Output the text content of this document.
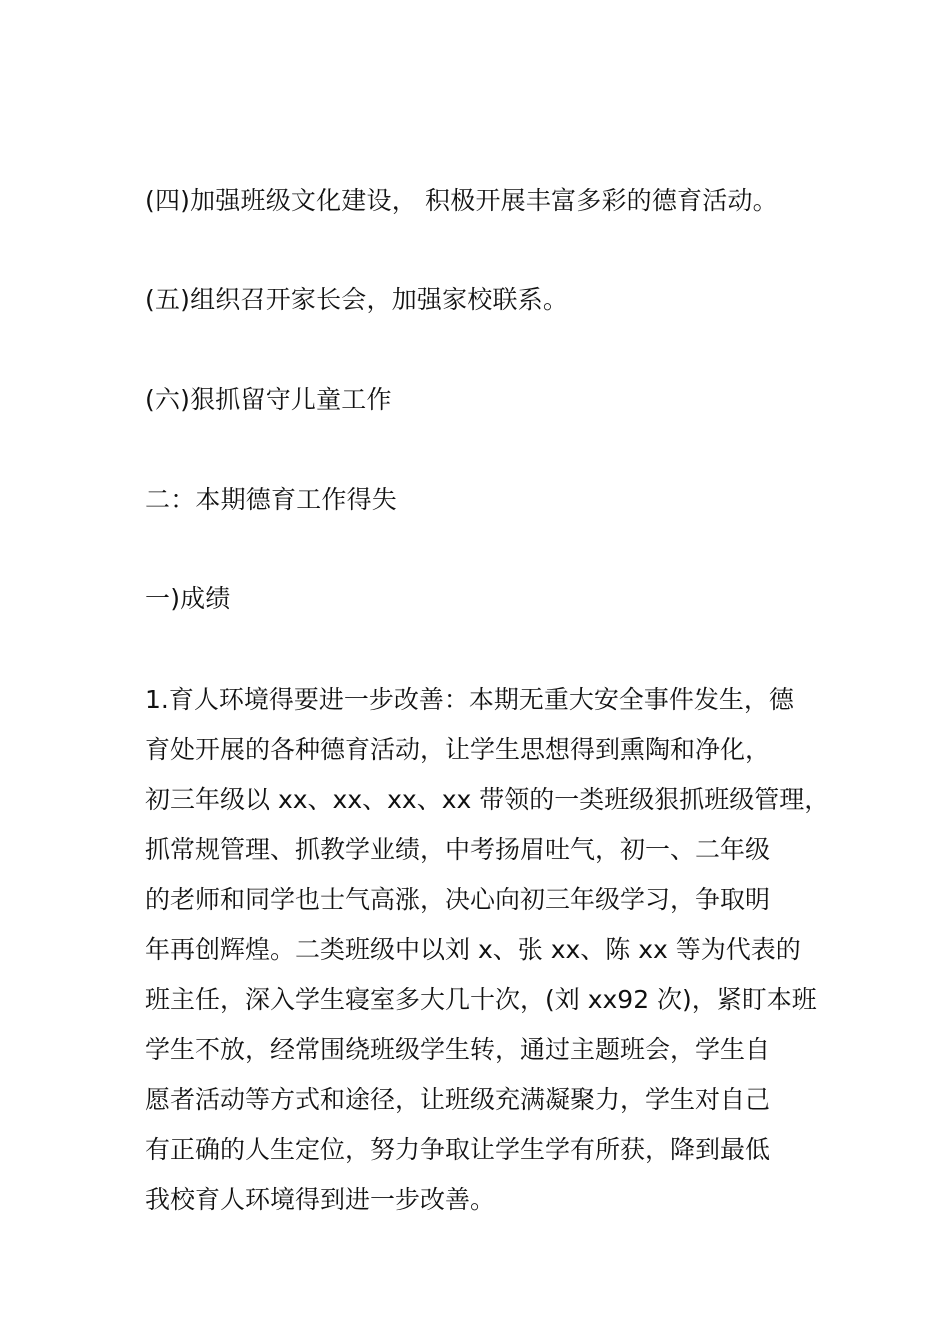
(四)加强班级文化建设， 积极开展丰富多彩的德育活动。
(五)组织召开家长会，加强家校联系。
(六)狠抓留守儿童工作
二：本期德育工作得失
一)成绩
1.育人环境得要进一步改善：本期无重大安全事件发生，德
育处开展的各种德育活动，让学生思想得到熏陶和净化，
初三年级以 xx、xx、xx、xx 带领的一类班级狠抓班级管理，
抓常规管理、抓教学业绩，中考扬眉吐气，初一、二年级
的老师和同学也士气高涨，决心向初三年级学习，争取明
年再创辉煌。二类班级中以刘 x、张 xx、陈 xx 等为代表的
班主任，深入学生寝室多大几十次，(刘 xx92 次)，紧盯本班
学生不放，经常围绕班级学生转，通过主题班会，学生自
愿者活动等方式和途径，让班级充满凝聚力，学生对自己
有正确的人生定位，努力争取让学生学有所获，降到最低
我校育人环境得到进一步改善。
